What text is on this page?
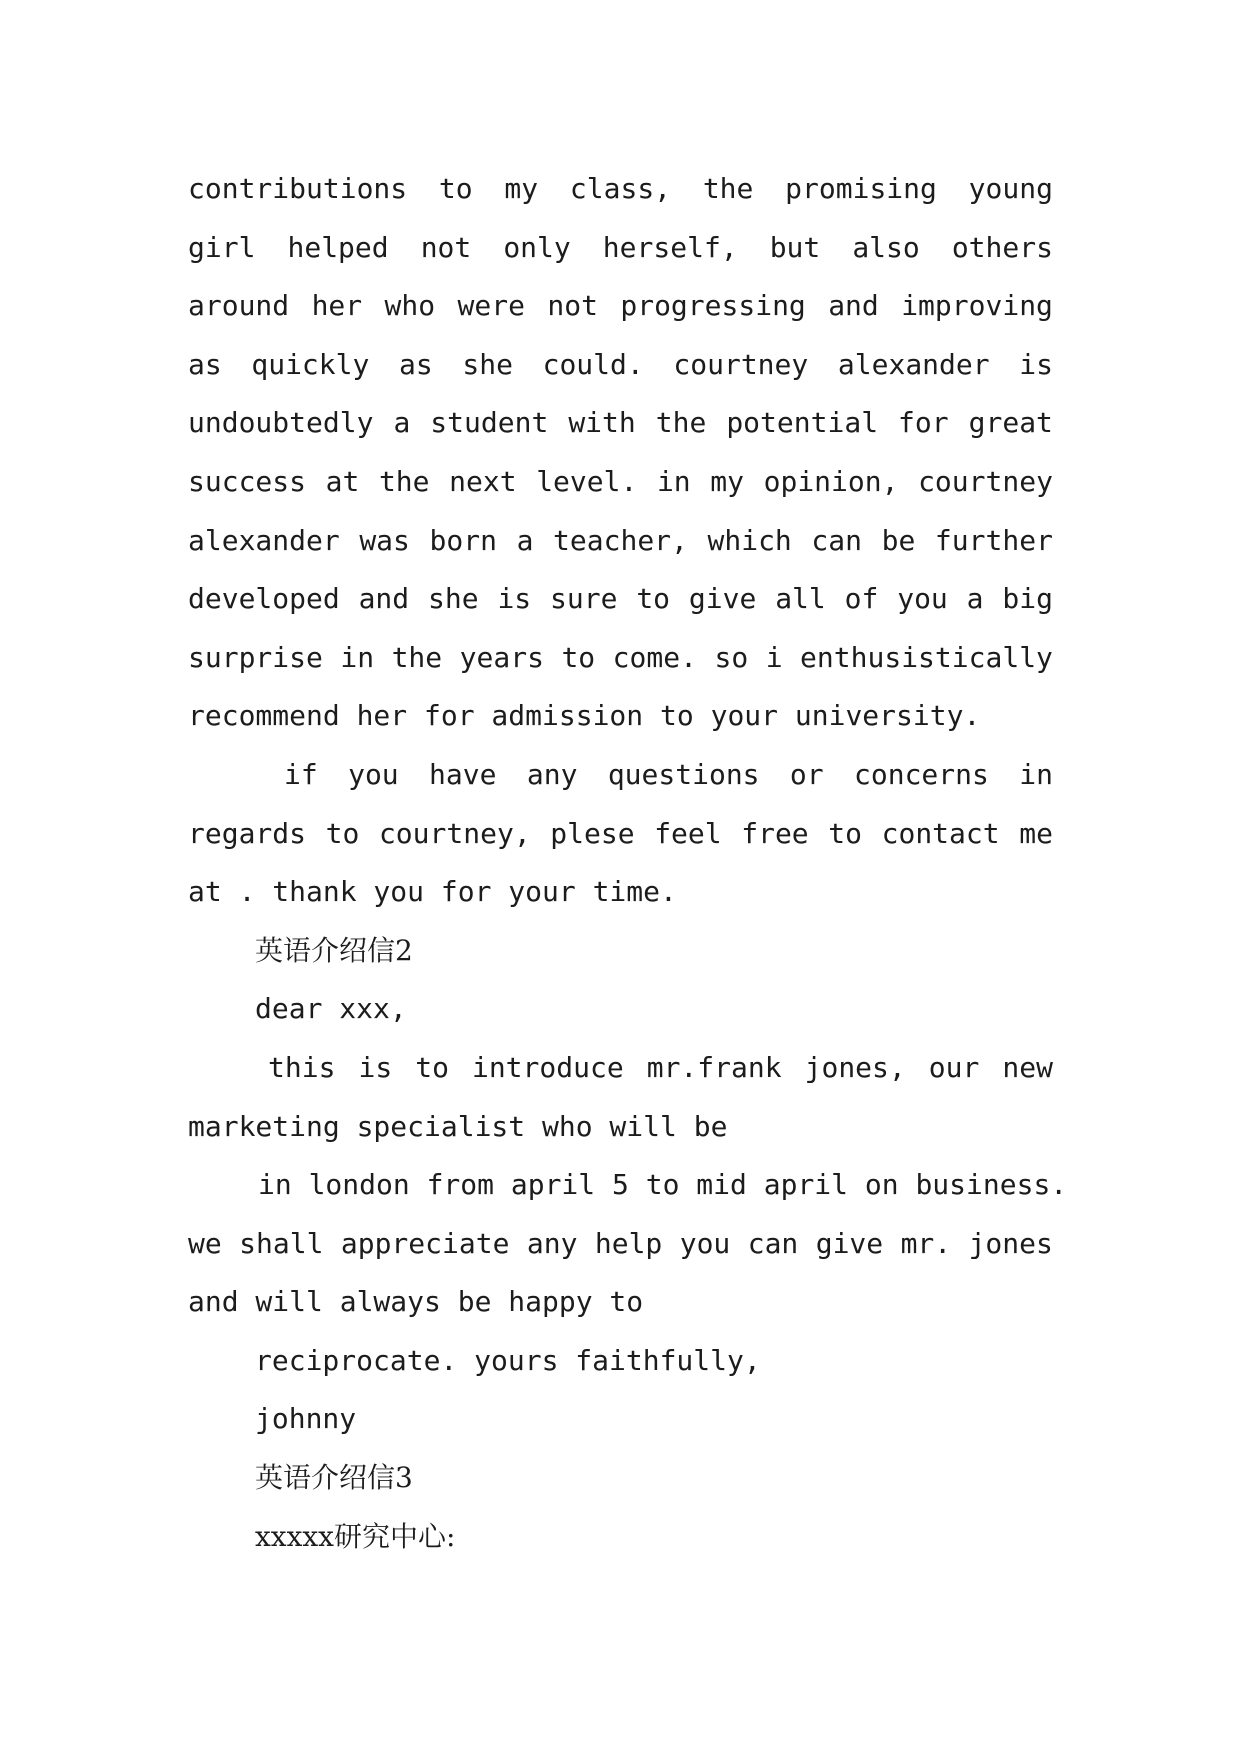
contributions to my class, the promising young
girl helped not only herself, but also others
around her who were not progressing and improving
as quickly as she could. courtney alexander is
undoubtedly a student with the potential for great
success at the next level. in my opinion, courtney
alexander was born a teacher, which can be further
developed and she is sure to give all of you a big
surprise in the years to come. so i enthusistically
recommend her for admission to your university.
if you have any questions or concerns in
regards to courtney, plese feel free to contact me
at . thank you for your time.
英语介绍信2
dear xxx,
this is to introduce mr.frank jones, our new
marketing specialist who will be
in london from april 5 to mid april on business.
we shall appreciate any help you can give mr. jones
and will always be happy to
reciprocate. yours faithfully,
johnny
英语介绍信3
xxxxx研究中心:
